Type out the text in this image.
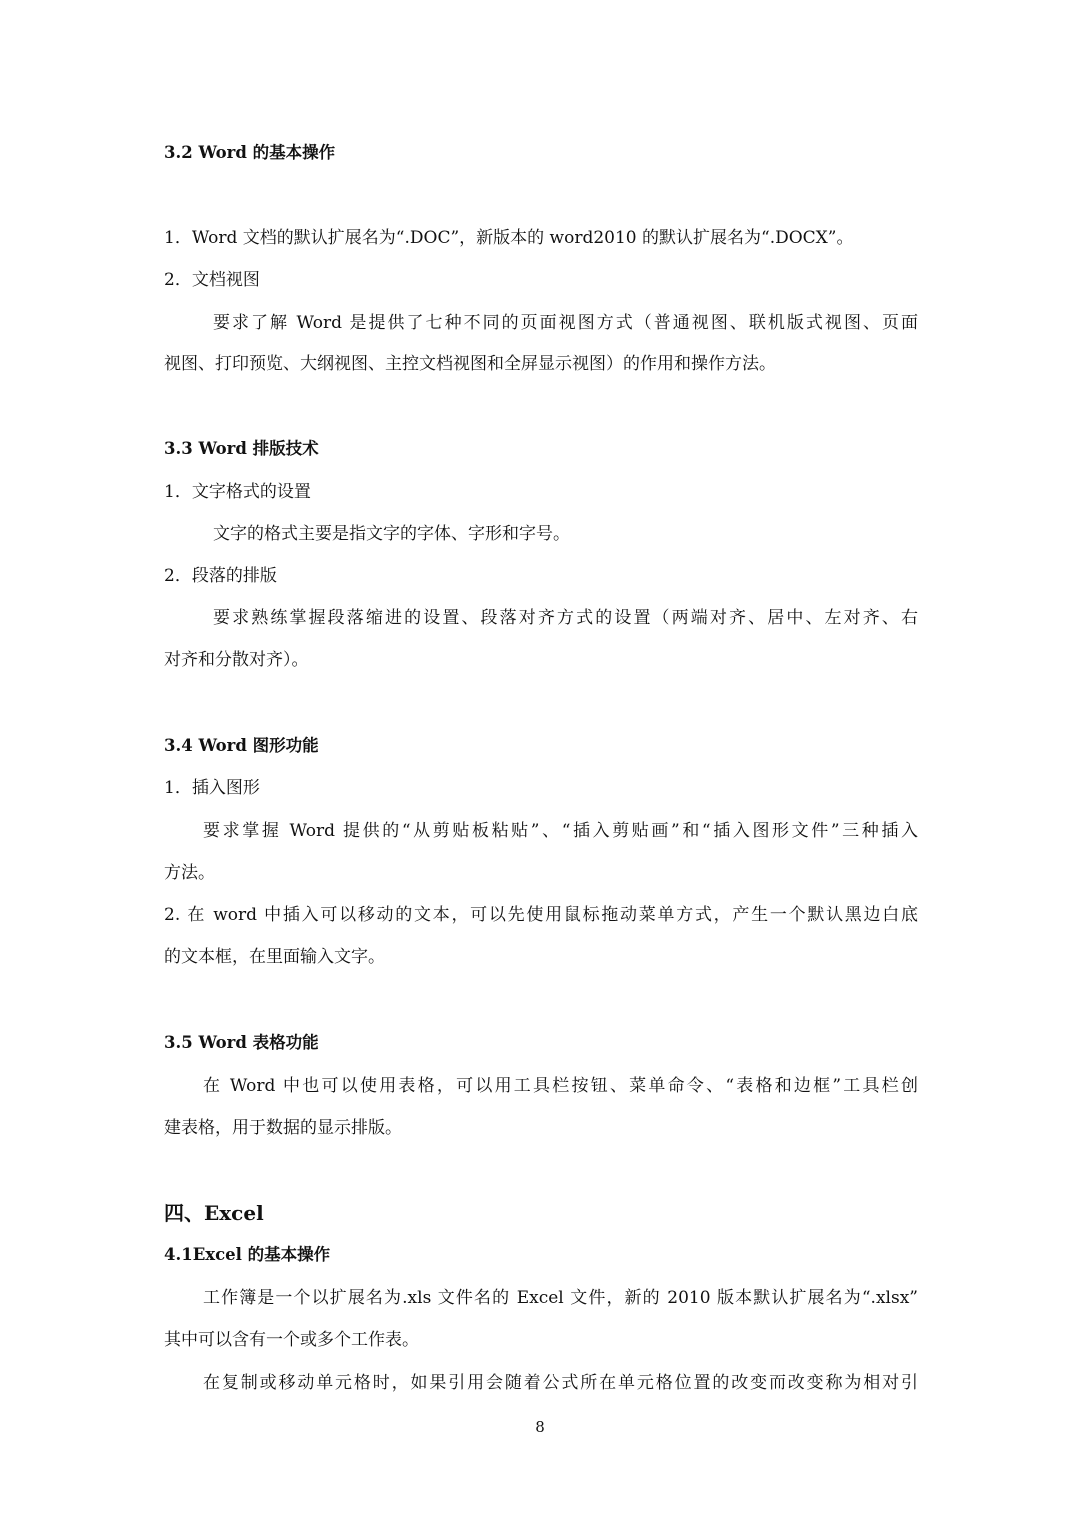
3.2 Word 的基本操作
1．Word 文档的默认扩展名为“.DOC”，新版本的 word2010 的默认扩展名为“.DOCX”。
2．文档视图
要求了解 Word 是提供了七种不同的页面视图方式（普通视图、联机版式视图、页面
视图、打印预览、大纲视图、主控文档视图和全屏显示视图）的作用和操作方法。
3.3 Word 排版技术
1．文字格式的设置
文字的格式主要是指文字的字体、字形和字号。
2．段落的排版
要求熟练掌握段落缩进的设置、段落对齐方式的设置（两端对齐、居中、左对齐、右
对齐和分散对齐）。
3.4 Word 图形功能
1．插入图形
要求掌握 Word 提供的“从剪贴板粘贴”、“插入剪贴画”和“插入图形文件”三种插入
方法。
2. 在 word 中插入可以移动的文本，可以先使用鼠标拖动菜单方式，产生一个默认黑边白底
的文本框，在里面输入文字。
3.5 Word 表格功能
在 Word 中也可以使用表格，可以用工具栏按钮、菜单命令、“表格和边框”工具栏创
建表格，用于数据的显示排版。
四、Excel
4.1Excel 的基本操作
工作簿是一个以扩展名为.xls 文件名的 Excel 文件，新的 2010 版本默认扩展名为“.xlsx”
其中可以含有一个或多个工作表。
在复制或移动单元格时，如果引用会随着公式所在单元格位置的改变而改变称为相对引
8
